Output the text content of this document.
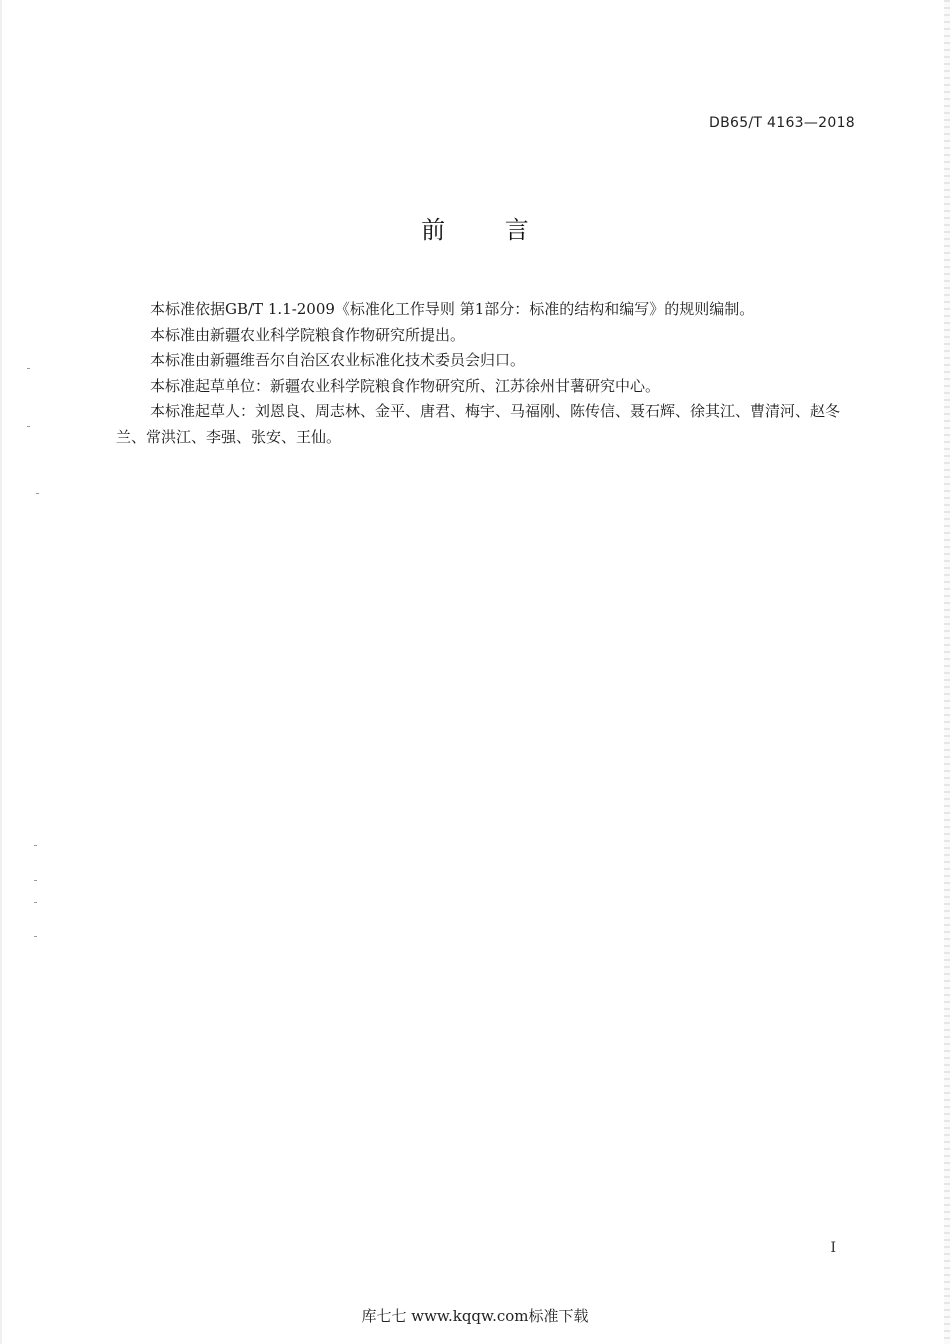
DB65/T 4163—2018
前 言

本标准依据GB/T 1.1-2009《标准化工作导则 第1部分：标准的结构和编写》的规则编制。

本标准由新疆农业科学院粮食作物研究所提出。

本标准由新疆维吾尔自治区农业标准化技术委员会归口。

本标准起草单位：新疆农业科学院粮食作物研究所、江苏徐州甘薯研究中心。

本标准起草人：刘恩良、周志林、金平、唐君、梅宇、马福刚、陈传信、聂石辉、徐其江、曹清河、赵冬兰、常洪江、李强、张安、王仙。

I
库七七 www.kqqw.com标准下载
